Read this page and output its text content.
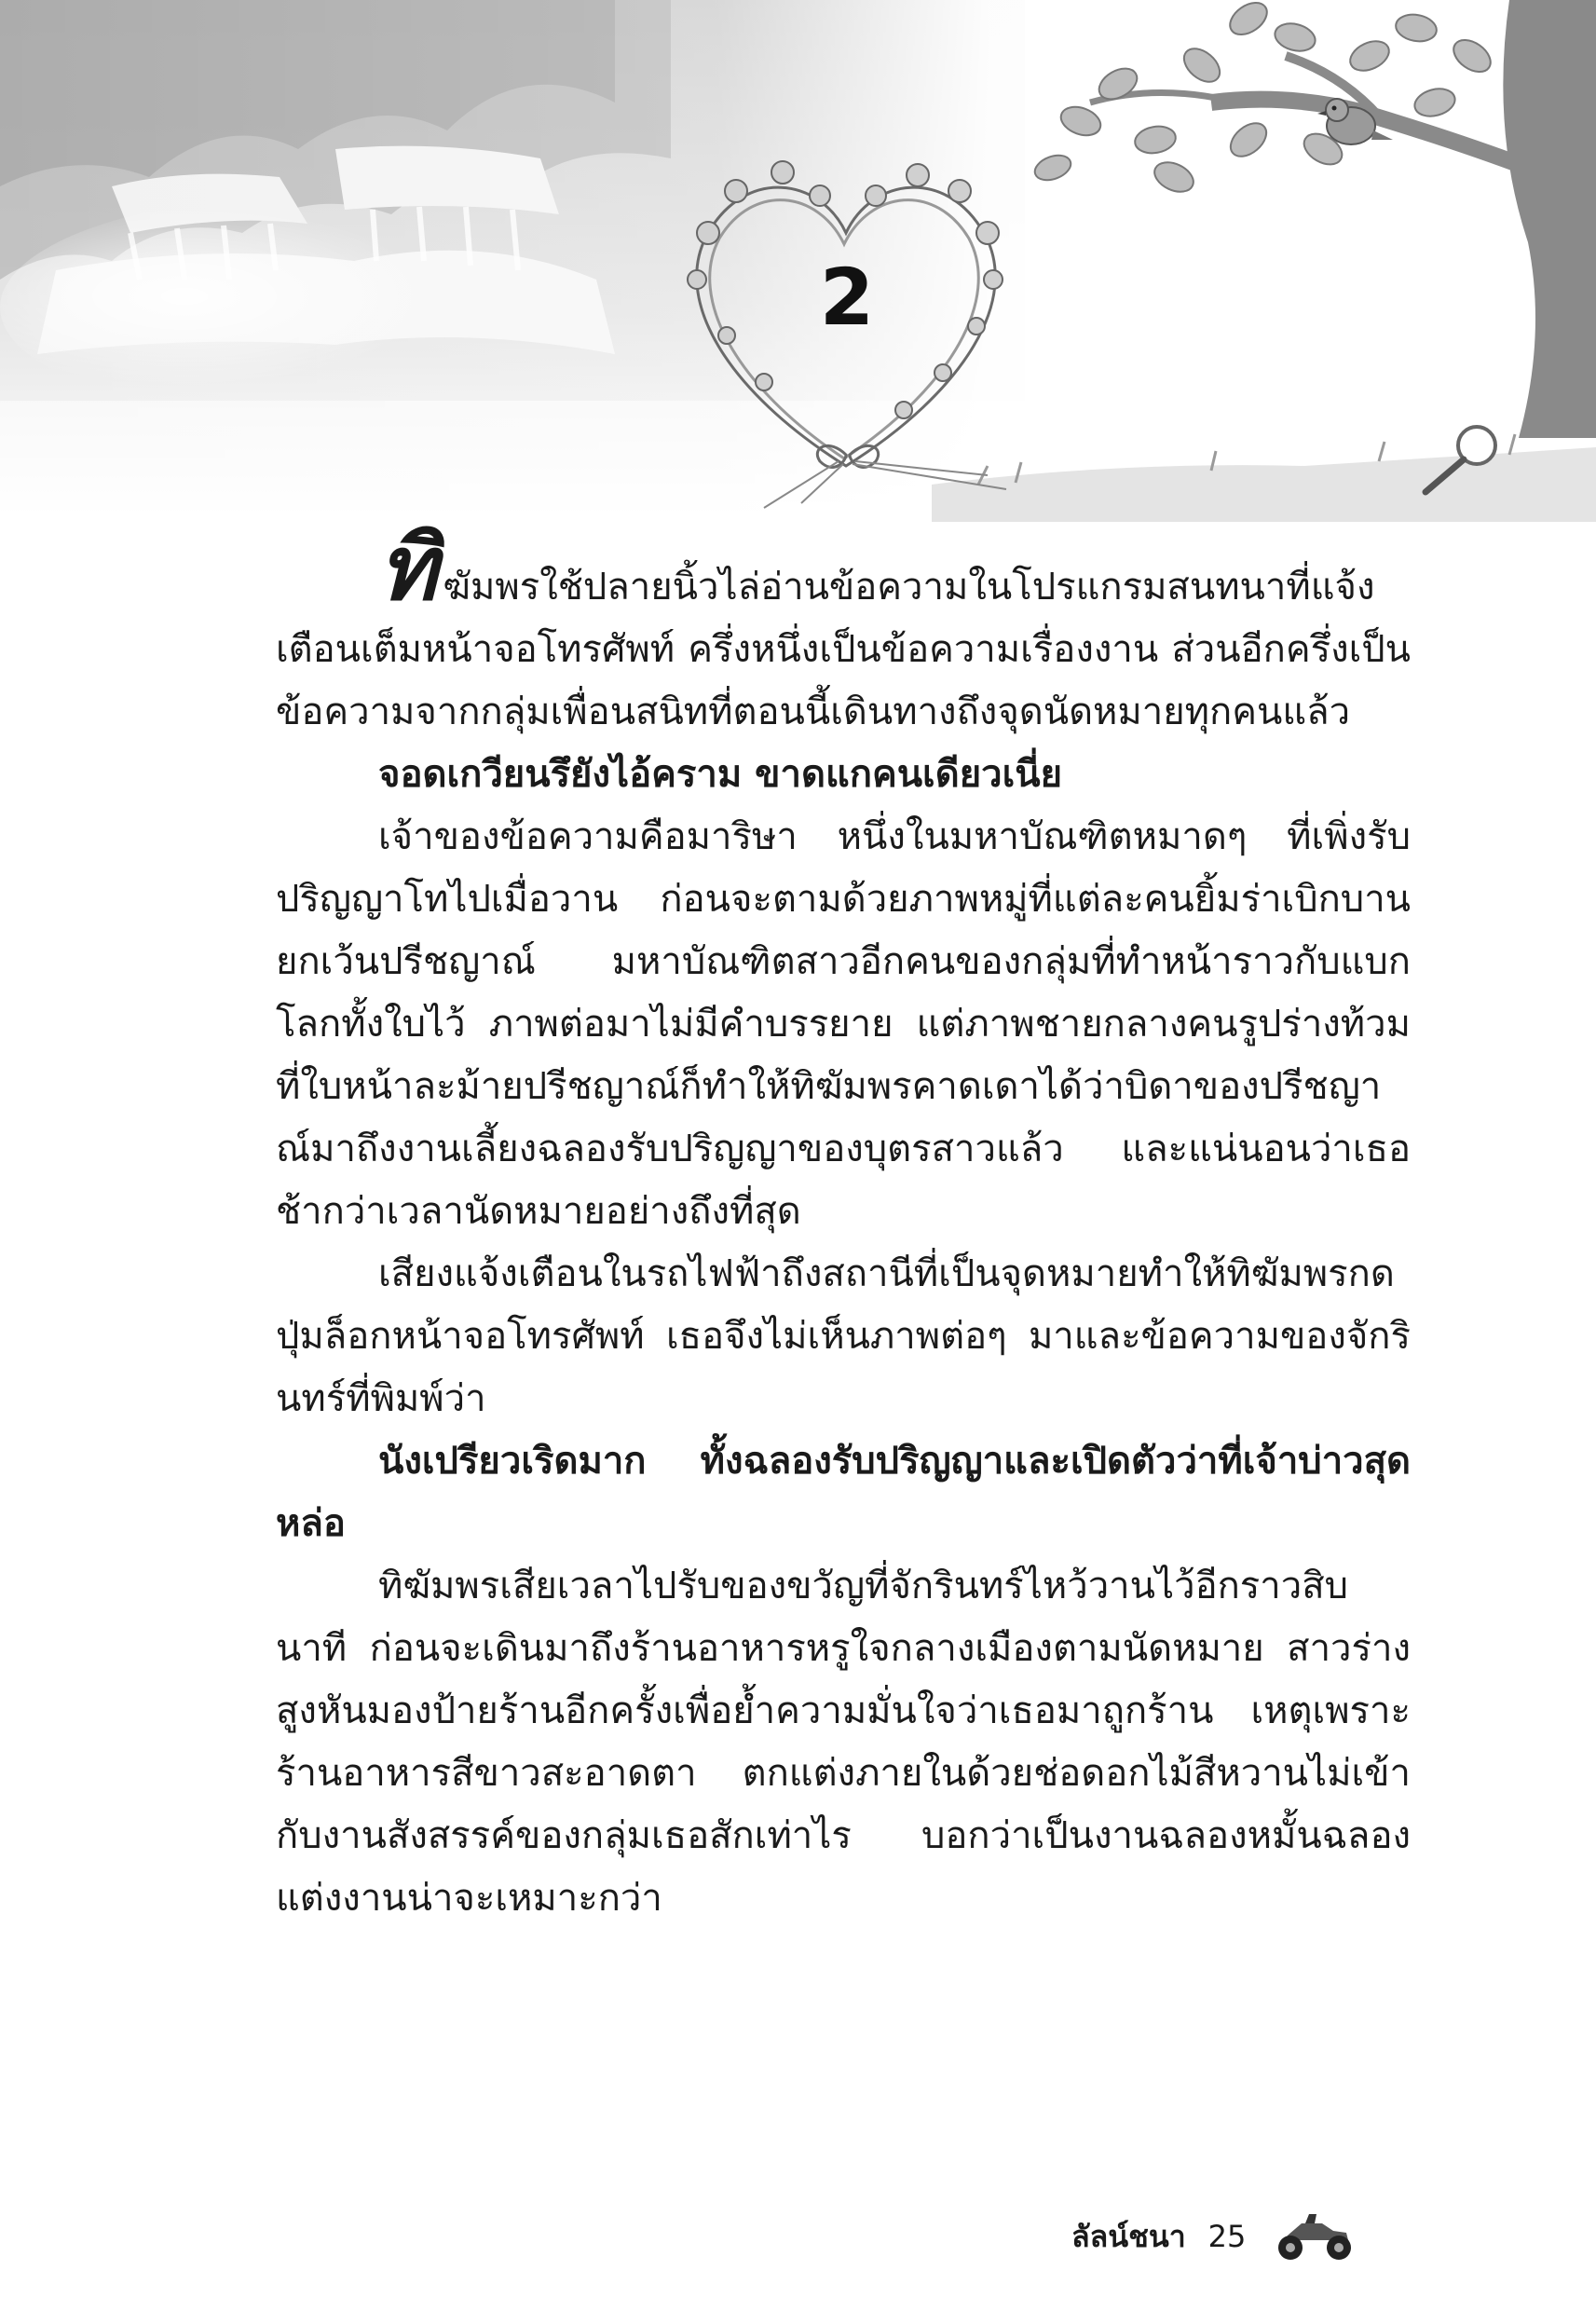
2

ทิฆัมพรใช้ปลายนิ้วไล่อ่านข้อความในโปรแกรมสนทนาที่แจ้งเตือนเต็มหน้าจอโทรศัพท์ ครึ่งหนึ่งเป็นข้อความเรื่องงาน ส่วนอีกครึ่งเป็นข้อความจากกลุ่มเพื่อนสนิทที่ตอนนี้เดินทางถึงจุดนัดหมายทุกคนแล้ว

จอดเกวียนรึยังไอ้คราม ขาดแกคนเดียวเนี่ย

เจ้าของข้อความคือมาริษา หนึ่งในมหาบัณฑิตหมาดๆ ที่เพิ่งรับปริญญาโทไปเมื่อวาน ก่อนจะตามด้วยภาพหมู่ที่แต่ละคนยิ้มร่าเบิกบาน ยกเว้นปรีชญาณ์ มหาบัณฑิตสาวอีกคนของกลุ่มที่ทำหน้าราวกับแบกโลกทั้งใบไว้ ภาพต่อมาไม่มีคำบรรยาย แต่ภาพชายกลางคนรูปร่างท้วมที่ใบหน้าละม้ายปรีชญาณ์ก็ทำให้ทิฆัมพรคาดเดาได้ว่าบิดาของปรีชญาณ์มาถึงงานเลี้ยงฉลองรับปริญญาของบุตรสาวแล้ว และแน่นอนว่าเธอช้ากว่าเวลานัดหมายอย่างถึงที่สุด

เสียงแจ้งเตือนในรถไฟฟ้าถึงสถานีที่เป็นจุดหมายทำให้ทิฆัมพรกดปุ่มล็อกหน้าจอโทรศัพท์ เธอจึงไม่เห็นภาพต่อๆ มาและข้อความของจักรินทร์ที่พิมพ์ว่า

นังเปรียวเริดมาก ทั้งฉลองรับปริญญาและเปิดตัวว่าที่เจ้าบ่าวสุดหล่อ

ทิฆัมพรเสียเวลาไปรับของขวัญที่จักรินทร์ไหว้วานไว้อีกราวสิบนาที ก่อนจะเดินมาถึงร้านอาหารหรูใจกลางเมืองตามนัดหมาย สาวร่างสูงหันมองป้ายร้านอีกครั้งเพื่อย้ำความมั่นใจว่าเธอมาถูกร้าน เหตุเพราะร้านอาหารสีขาวสะอาดตา ตกแต่งภายในด้วยช่อดอกไม้สีหวานไม่เข้ากับงานสังสรรค์ของกลุ่มเธอสักเท่าไร บอกว่าเป็นงานฉลองหมั้นฉลองแต่งงานน่าจะเหมาะกว่า

ลัลน์ชนา 25
